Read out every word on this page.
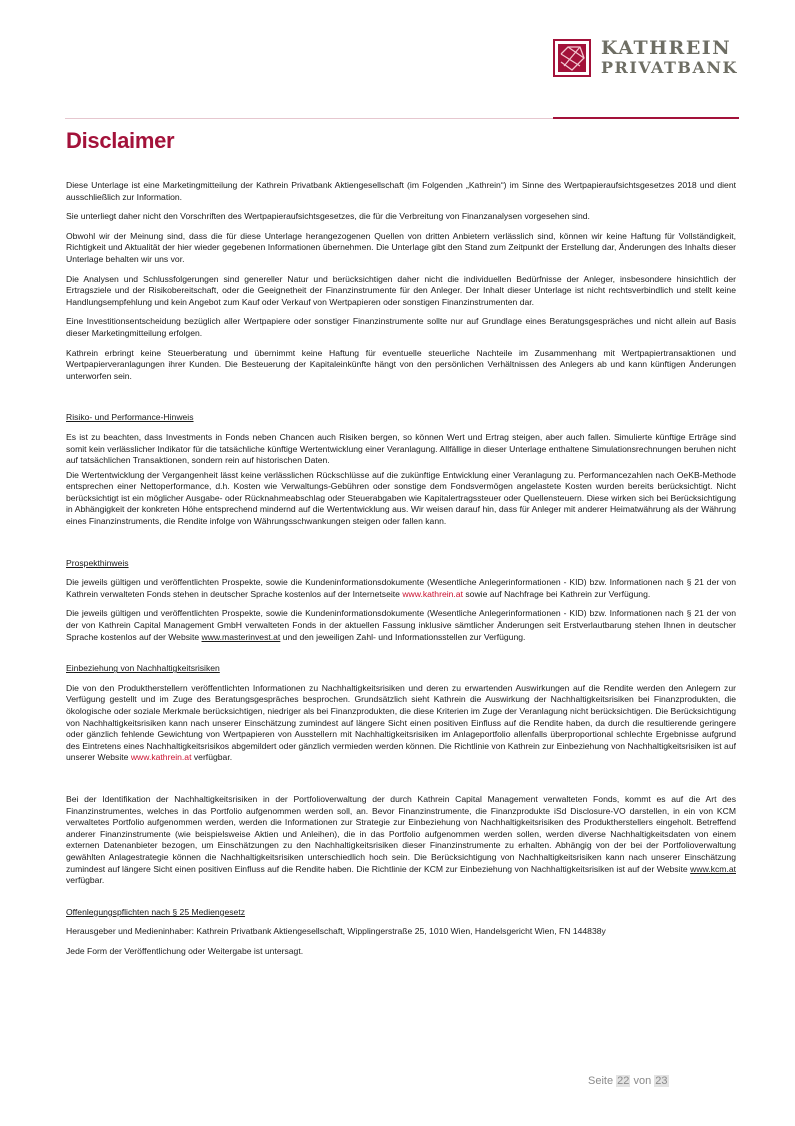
KATHREIN
PRIVATBANK
Disclaimer

Diese Unterlage ist eine Marketingmitteilung der Kathrein Privatbank Aktiengesellschaft (im Folgenden „Kathrein“) im Sinne des Wertpapieraufsichtsgesetzes 2018 und dient ausschließlich zur Information.

Sie unterliegt daher nicht den Vorschriften des Wertpapieraufsichtsgesetzes, die für die Verbreitung von Finanzanalysen vorgesehen sind.

Obwohl wir der Meinung sind, dass die für diese Unterlage herangezogenen Quellen von dritten Anbietern verlässlich sind, können wir keine Haftung für Vollständigkeit, Richtigkeit und Aktualität der hier wieder gegebenen Informationen übernehmen. Die Unterlage gibt den Stand zum Zeitpunkt der Erstellung dar, Änderungen des Inhalts dieser Unterlage behalten wir uns vor.

Die Analysen und Schlussfolgerungen sind genereller Natur und berücksichtigen daher nicht die individuellen Bedürfnisse der Anleger, insbesondere hinsichtlich der Ertragsziele und der Risikobereitschaft, oder die Geeignetheit der Finanzinstrumente für den Anleger. Der Inhalt dieser Unterlage ist nicht rechtsverbindlich und stellt keine Handlungsempfehlung und kein Angebot zum Kauf oder Verkauf von Wertpapieren oder sonstigen Finanzinstrumenten dar.

Eine Investitionsentscheidung bezüglich aller Wertpapiere oder sonstiger Finanzinstrumente sollte nur auf Grundlage eines Beratungsgespräches und nicht allein auf Basis dieser Marketingmitteilung erfolgen.

Kathrein erbringt keine Steuerberatung und übernimmt keine Haftung für eventuelle steuerliche Nachteile im Zusammenhang mit Wertpapiertransaktionen und Wertpapierveranlagungen ihrer Kunden. Die Besteuerung der Kapitaleinkünfte hängt von den persönlichen Verhältnissen des Anlegers ab und kann künftigen Änderungen unterworfen sein.

Risiko- und Performance-Hinweis

Es ist zu beachten, dass Investments in Fonds neben Chancen auch Risiken bergen, so können Wert und Ertrag steigen, aber auch fallen. Simulierte künftige Erträge sind somit kein verlässlicher Indikator für die tatsächliche künftige Wertentwicklung einer Veranlagung. Allfällige in dieser Unterlage enthaltene Simulationsrechnungen beruhen nicht auf tatsächlichen Transaktionen, sondern rein auf historischen Daten.

Die Wertentwicklung der Vergangenheit lässt keine verlässlichen Rückschlüsse auf die zukünftige Entwicklung einer Veranlagung zu. Performancezahlen nach OeKB-Methode entsprechen einer Nettoperformance, d.h. Kosten wie Verwaltungs-Gebühren oder sonstige dem Fondsvermögen angelastete Kosten wurden bereits berücksichtigt. Nicht berücksichtigt ist ein möglicher Ausgabe- oder Rücknahmeabschlag oder Steuerabgaben wie Kapitalertragssteuer oder Quellensteuern. Diese wirken sich bei Berücksichtigung in Abhängigkeit der konkreten Höhe entsprechend mindernd auf die Wertentwicklung aus. Wir weisen darauf hin, dass für Anleger mit anderer Heimatwährung als der Währung eines Finanzinstruments, die Rendite infolge von Währungsschwankungen steigen oder fallen kann.

Prospekthinweis

Die jeweils gültigen und veröffentlichten Prospekte, sowie die Kundeninformationsdokumente (Wesentliche Anlegerinformationen - KID) bzw. Informationen nach § 21 der von Kathrein verwalteten Fonds stehen in deutscher Sprache kostenlos auf der Internetseite www.kathrein.at sowie auf Nachfrage bei Kathrein zur Verfügung.

Die jeweils gültigen und veröffentlichten Prospekte, sowie die Kundeninformationsdokumente (Wesentliche Anlegerinformationen - KID) bzw. Informationen nach § 21 der von der von Kathrein Capital Management GmbH verwalteten Fonds in der aktuellen Fassung inklusive sämtlicher Änderungen seit Erstverlautbarung stehen Ihnen in deutscher Sprache kostenlos auf der Website www.masterinvest.at und den jeweiligen Zahl- und Informationsstellen zur Verfügung.

Einbeziehung von Nachhaltigkeitsrisiken

Die von den Produktherstellern veröffentlichten Informationen zu Nachhaltigkeitsrisiken und deren zu erwartenden Auswirkungen auf die Rendite werden den Anlegern zur Verfügung gestellt und im Zuge des Beratungsgespräches besprochen. Grundsätzlich sieht Kathrein die Auswirkung der Nachhaltigkeitsrisiken bei Finanzprodukten, die ökologische oder soziale Merkmale berücksichtigen, niedriger als bei Finanzprodukten, die diese Kriterien im Zuge der Veranlagung nicht berücksichtigen. Die Berücksichtigung von Nachhaltigkeitsrisiken kann nach unserer Einschätzung zumindest auf längere Sicht einen positiven Einfluss auf die Rendite haben, da durch die resultierende geringere oder gänzlich fehlende Gewichtung von Wertpapieren von Ausstellern mit Nachhaltigkeitsrisiken im Anlageportfolio allenfalls überproportional schlechte Ergebnisse aufgrund des Eintretens eines Nachhaltigkeitsrisikos abgemildert oder gänzlich vermieden werden können. Die Richtlinie von Kathrein zur Einbeziehung von Nachhaltigkeitsrisiken ist auf unserer Website www.kathrein.at verfügbar.

Bei der Identifikation der Nachhaltigkeitsrisiken in der Portfolioverwaltung der durch Kathrein Capital Management verwalteten Fonds, kommt es auf die Art des Finanzinstrumentes, welches in das Portfolio aufgenommen werden soll, an. Bevor Finanzinstrumente, die Finanzprodukte iSd Disclosure-VO darstellen, in ein von KCM verwaltetes Portfolio aufgenommen werden, werden die Informationen zur Strategie zur Einbeziehung von Nachhaltigkeitsrisiken des Produktherstellers eingeholt. Betreffend anderer Finanzinstrumente (wie beispielsweise Aktien und Anleihen), die in das Portfolio aufgenommen werden sollen, werden diverse Nachhaltigkeitsdaten von einem externen Datenanbieter bezogen, um Einschätzungen zu den Nachhaltigkeitsrisiken dieser Finanzinstrumente zu erhalten. Abhängig von der bei der Portfolioverwaltung gewählten Anlagestrategie können die Nachhaltigkeitsrisiken unterschiedlich hoch sein. Die Berücksichtigung von Nachhaltigkeitsrisiken kann nach unserer Einschätzung zumindest auf längere Sicht einen positiven Einfluss auf die Rendite haben. Die Richtlinie der KCM zur Einbeziehung von Nachhaltigkeitsrisiken ist auf der Website www.kcm.at verfügbar.

Offenlegungspflichten nach § 25 Mediengesetz

Herausgeber und Medieninhaber: Kathrein Privatbank Aktiengesellschaft, Wipplingerstraße 25, 1010 Wien, Handelsgericht Wien, FN 144838y

Jede Form der Veröffentlichung oder Weitergabe ist untersagt.

Seite 22 von 23
